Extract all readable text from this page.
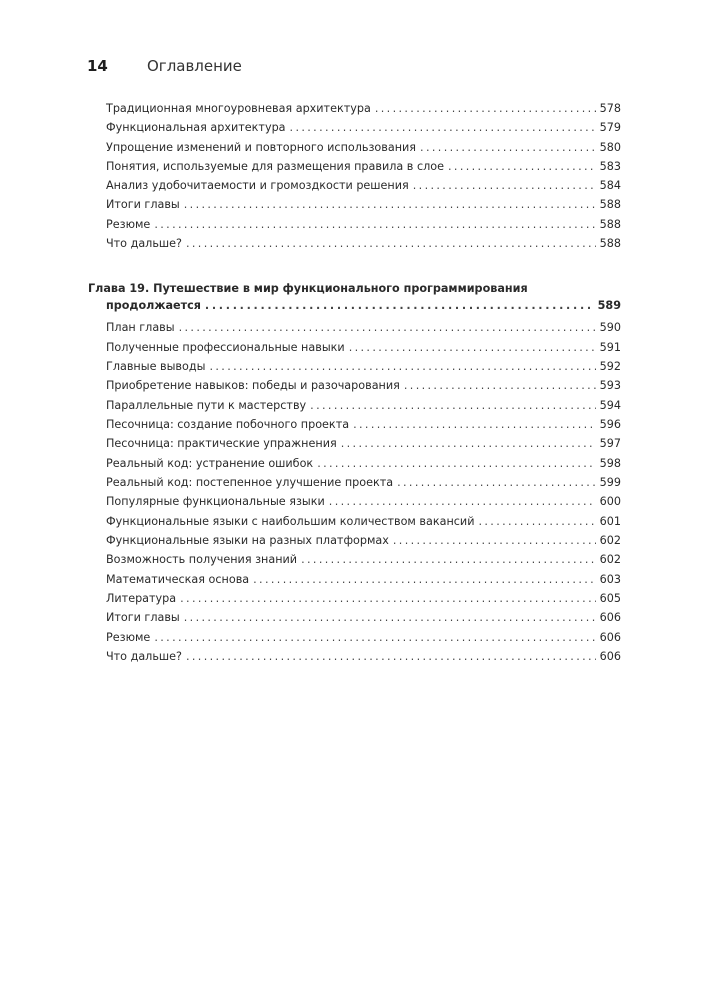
14	Оглавление
Традиционная многоуровневая архитектура . . .	578
Функциональная архитектура . . .	579
Упрощение изменений и повторного использования . . .	580
Понятия, используемые для размещения правила в слое . . .	583
Анализ удобочитаемости и громоздкости решения . . .	584
Итоги главы . . .	588
Резюме . . .	588
Что дальше? . . .	588
Глава 19. Путешествие в мир функционального программирования
продолжается . . .	589
План главы . . .	590
Полученные профессиональные навыки . . .	591
Главные выводы . . .	592
Приобретение навыков: победы и разочарования . . .	593
Параллельные пути к мастерству . . .	594
Песочница: создание побочного проекта . . .	596
Песочница: практические упражнения . . .	597
Реальный код: устранение ошибок . . .	598
Реальный код: постепенное улучшение проекта . . .	599
Популярные функциональные языки . . .	600
Функциональные языки с наибольшим количеством вакансий . . .	601
Функциональные языки на разных платформах . . .	602
Возможность получения знаний . . .	602
Математическая основа . . .	603
Литература . . .	605
Итоги главы . . .	606
Резюме . . .	606
Что дальше? . . .	606
